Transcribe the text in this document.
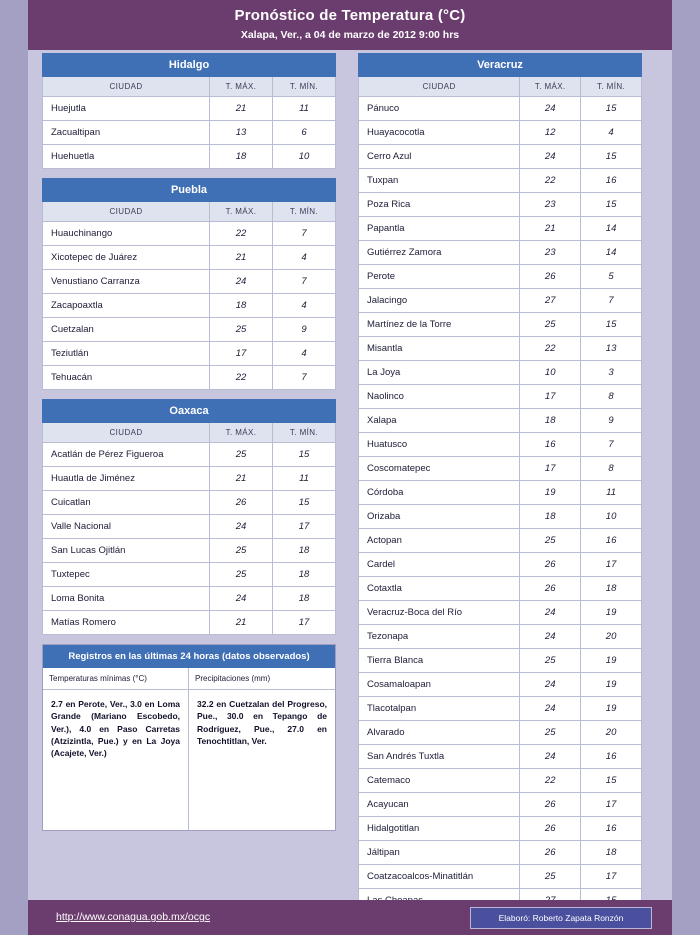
Pronóstico de Temperatura (°C)
Xalapa, Ver., a 04 de marzo de 2012 9:00 hrs
Hidalgo		
CIUDAD	T. MÁX.	T. MÍN.
Huejutla	21	11
Zacualtipan	13	6
Huehuetla	18	10
Puebla		
CIUDAD	T. MÁX.	T. MÍN.
Huauchinango	22	7
Xicotepec de Juárez	21	4
Venustiano Carranza	24	7
Zacapoaxtla	18	4
Cuetzalan	25	9
Teziutlán	17	4
Tehuacán	22	7
Oaxaca		
CIUDAD	T. MÁX.	T. MÍN.
Acatlán de Pérez Figueroa	25	15
Huautla de Jiménez	21	11
Cuicatlan	26	15
Valle Nacional	24	17
San Lucas Ojitlán	25	18
Tuxtepec	25	18
Loma Bonita	24	18
Matías Romero	21	17
Registros en las últimas 24 horas (datos observados)
Temperaturas mínimas (°C)
2.7 en Perote, Ver., 3.0 en Loma Grande (Mariano Escobedo, Ver.), 4.0 en Paso Carretas (Atzizintla, Pue.) y en La Joya (Acajete, Ver.)
Precipitaciones (mm)
32.2 en Cuetzalan del Progreso, Pue., 30.0 en Tepango de Rodríguez, Pue., 27.0 en Tenochtitlan, Ver.
Veracruz		
CIUDAD	T. MÁX.	T. MÍN.
Pánuco	24	15
Huayacocotla	12	4
Cerro Azul	24	15
Tuxpan	22	16
Poza Rica	23	15
Papantla	21	14
Gutiérrez Zamora	23	14
Perote	26	5
Jalacingo	27	7
Martínez de la Torre	25	15
Misantla	22	13
La Joya	10	3
Naolinco	17	8
Xalapa	18	9
Huatusco	16	7
Coscomatepec	17	8
Córdoba	19	11
Orizaba	18	10
Actopan	25	16
Cardel	26	17
Cotaxtla	26	18
Veracruz-Boca del Río	24	19
Tezonapa	24	20
Tierra Blanca	25	19
Cosamaloapan	24	19
Tlacotalpan	24	19
Alvarado	25	20
San Andrés Tuxtla	24	16
Catemaco	22	15
Acayucan	26	17
Hidalgotitlan	26	16
Jáltipan	26	18
Coatzacoalcos-Minatitlán	25	17

http://www.conagua.gob.mx/ocgc	Elaboró: Roberto Zapata Ronzón
